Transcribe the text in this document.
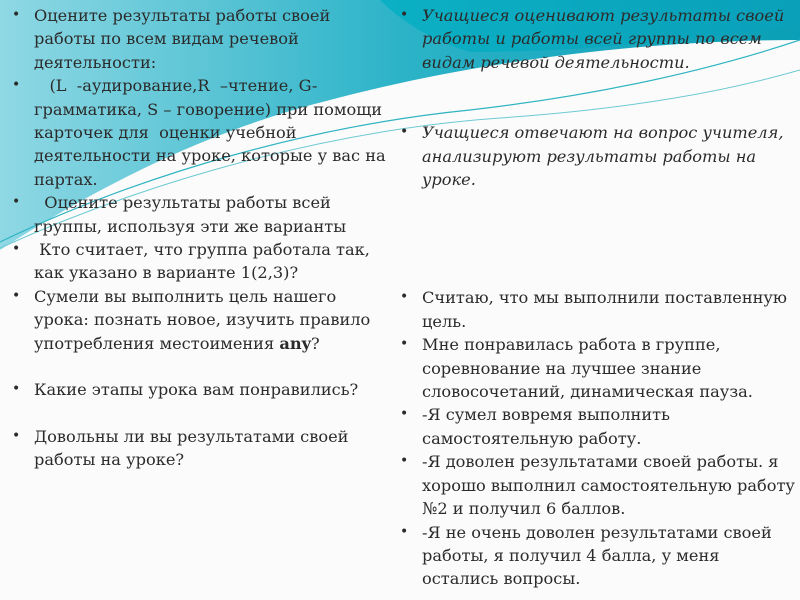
• Оцените результаты работы своей работы по всем видам речевой деятельности:
• (L  -аудирование,R  –чтение, G-грамматика, S – говорение) при помощи карточек для  оценки учебной деятельности на уроке, которые у вас на партах.
• Оцените результаты работы всей группы, используя эти же варианты
• Кто считает, что группа работала так, как указано в варианте 1(2,3)?
• Сумели вы выполнить цель нашего урока: познать новое, изучить правило употребления местоимения any?
• Какие этапы урока вам понравились?
• Довольны ли вы результатами своей работы на уроке?
• Учащиеся оценивают результаты своей работы и работы всей группы по всем видам речевой деятельности.
• Учащиеся отвечают на вопрос учителя, анализируют результаты работы на уроке.
• Считаю, что мы выполнили поставленную цель.
• Мне понравилась работа в группе, соревнование на лучшее знание словосочетаний, динамическая пауза.
• -Я сумел вовремя выполнить самостоятельную работу.
• -Я доволен результатами своей работы. я хорошо выполнил самостоятельную работу №2 и получил 6 баллов.
• -Я не очень доволен результатами своей работы, я получил 4 балла, у меня остались вопросы.
